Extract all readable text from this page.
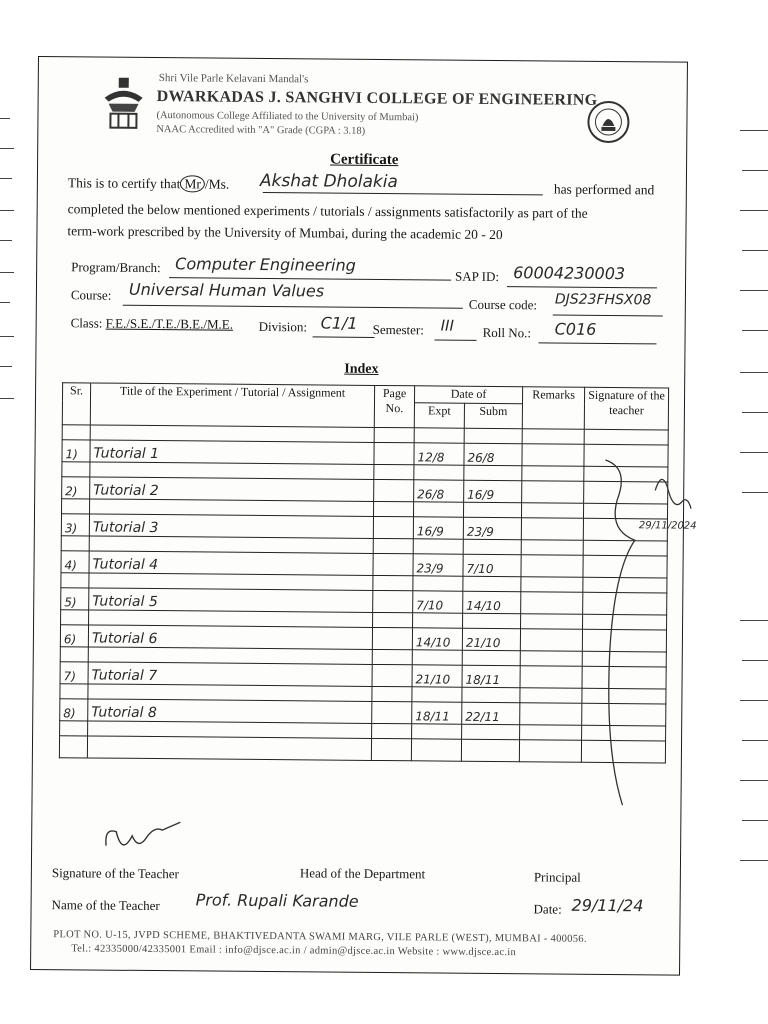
Shri Vile Parle Kelavani Mandal's
DWARKADAS J. SANGHVI COLLEGE OF ENGINEERING
(Autonomous College Affiliated to the University of Mumbai)
NAAC Accredited with "A" Grade (CGPA : 3.18)
Certificate
This is to certify that Mr /Ms. Akshat Dholakia	has performed and
completed the below mentioned experiments / tutorials / assignments satisfactorily as part of the
term-work prescribed by the University of Mumbai, during the academic 20 - 20
Program/Branch: Computer Engineering
SAP ID: 60004230003
Course: Universal Human Values
Course code: DJS23FHSX08
Class: F.E./S.E./T.E./B.E./M.E. Division: C1/1 Semester: III Roll No.: C016
Index
Sr.	Title of the Experiment / Tutorial / Assignment	Page No.	Date of		Remarks	Signature of the teacher
			Expt	Subm		

1)	Tutorial 1		12/8	26/8		

2)	Tutorial 2		26/8	16/9		

3)	Tutorial 3		16/9	23/9		

4)	Tutorial 4		23/9	7/10		

5)	Tutorial 5		7/10	14/10		

6)	Tutorial 6		14/10	21/10		

7)	Tutorial 7		21/10	18/11		

8)	Tutorial 8		18/11	22/11		

29/11/2024
Signature of the Teacher	Head of the Department	Principal
Name of the Teacher Prof. Rupali Karande	Date: 29/11/24
PLOT NO. U-15, JVPD SCHEME, BHAKTIVEDANTA SWAMI MARG, VILE PARLE (WEST), MUMBAI - 400056.
Tel.: 42335000/42335001 Email : info@djsce.ac.in / admin@djsce.ac.in Website : www.djsce.ac.in
